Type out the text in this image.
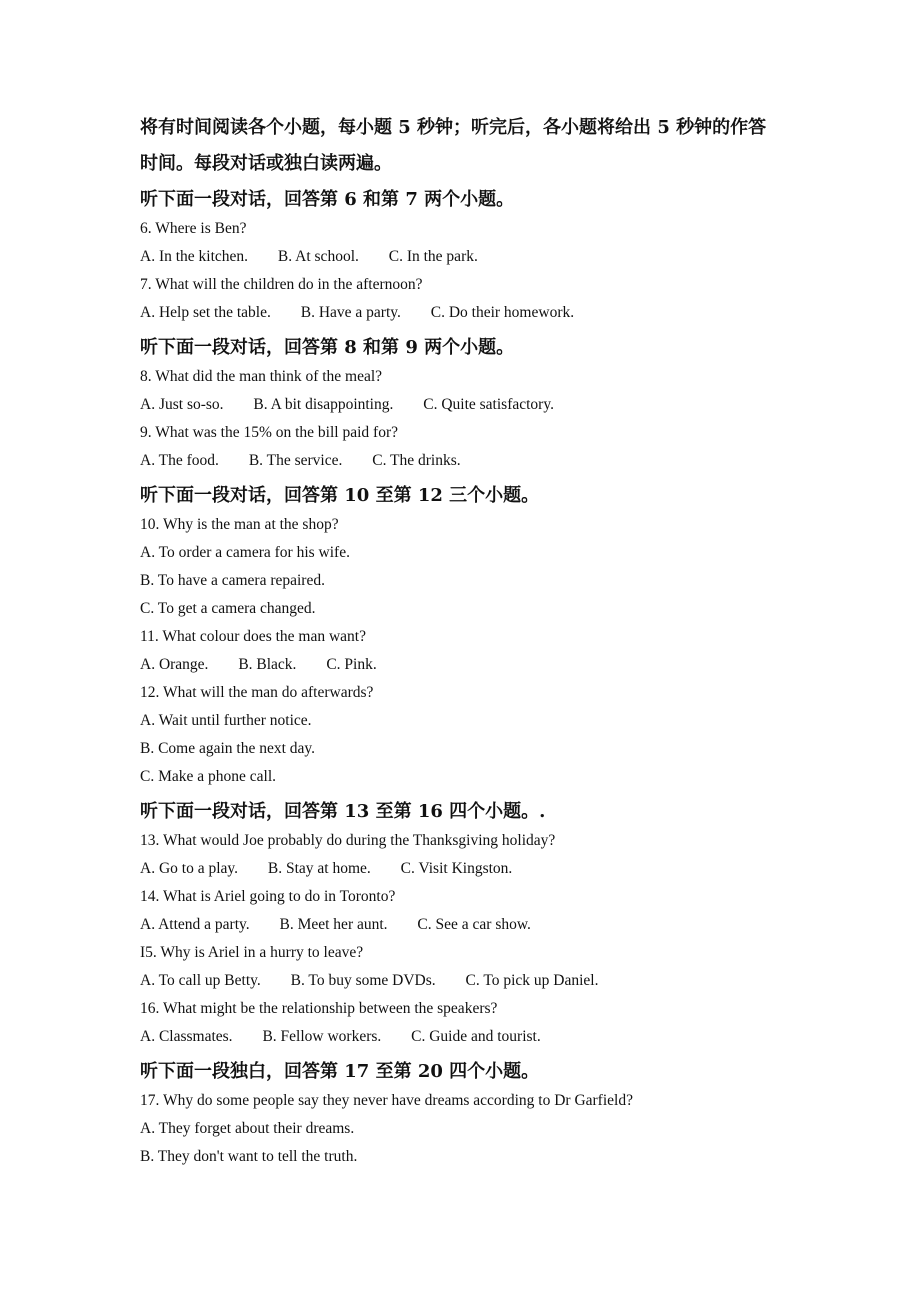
将有时间阅读各个小题，每小题 5 秒钟；听完后，各小题将给出 5 秒钟的作答
时间。每段对话或独白读两遍。
听下面一段对话，回答第 6 和第 7 两个小题。
6. Where is Ben?
A. In the kitchen. B. At school. C. In the park.
7. What will the children do in the afternoon?
A. Help set the table. B. Have a party. C. Do their homework.
听下面一段对话，回答第 8 和第 9 两个小题。
8. What did the man think of the meal?
A. Just so-so. B. A bit disappointing. C. Quite satisfactory.
9. What was the 15% on the bill paid for?
A. The food. B. The service. C. The drinks.
听下面一段对话，回答第 10 至第 12 三个小题。
10. Why is the man at the shop?
A. To order a camera for his wife.
B. To have a camera repaired.
C. To get a camera changed.
11. What colour does the man want?
A. Orange. B. Black. C. Pink.
12. What will the man do afterwards?
A. Wait until further notice.
B. Come again the next day.
C. Make a phone call.
听下面一段对话，回答第 13 至第 16 四个小题。.
13. What would Joe probably do during the Thanksgiving holiday?
A. Go to a play. B. Stay at home. C. Visit Kingston.
14. What is Ariel going to do in Toronto?
A. Attend a party. B. Meet her aunt. C. See a car show.
I5. Why is Ariel in a hurry to leave?
A. To call up Betty. B. To buy some DVDs. C. To pick up Daniel.
16. What might be the relationship between the speakers?
A. Classmates. B. Fellow workers. C. Guide and tourist.
听下面一段独白，回答第 17 至第 20 四个小题。
17. Why do some people say they never have dreams according to Dr Garfield?
A. They forget about their dreams.
B. They don't want to tell the truth.
